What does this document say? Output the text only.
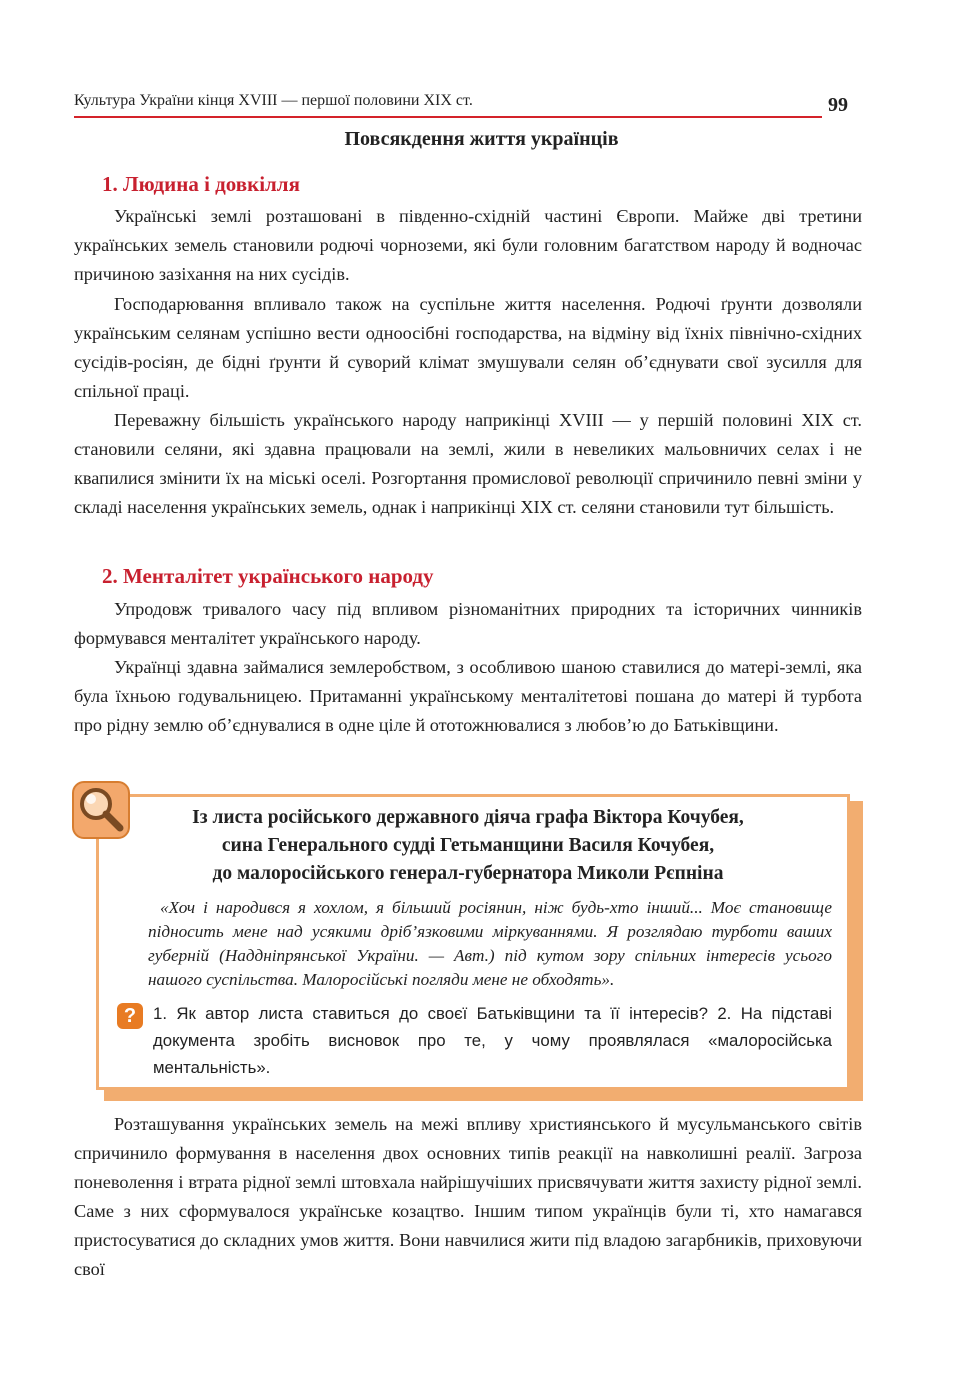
Культура України кінця XVIII — першої половини XIX ст.	99
Повсякдення життя українців
1. Людина і довкілля

Українські землі розташовані в південно-східній частині Європи. Майже дві третини українських земель становили родючі чорноземи, які були головним багатством народу й водночас причиною зазіхання на них сусідів.

Господарювання впливало також на суспільне життя населення. Родючі ґрунти дозволяли українським селянам успішно вести одноосібні господарства, на відміну від їхніх північно-східних сусідів-росіян, де бідні ґрунти й суворий клімат змушували селян об’єднувати свої зусилля для спільної праці.

Переважну більшість українського народу наприкінці XVIII — у першій половині XIX ст. становили селяни, які здавна працювали на землі, жили в невеликих мальовничих селах і не квапилися змінити їх на міські оселі. Розгортання промислової революції спричинило певні зміни у складі населення українських земель, однак і наприкінці XIX ст. селяни становили тут більшість.

2. Менталітет українського народу

Упродовж тривалого часу під впливом різноманітних природних та історичних чинників формувався менталітет українського народу.

Українці здавна займалися землеробством, з особливою шаною ставилися до матері-землі, яка була їхньою годувальницею. Притаманні українському менталітетові пошана до матері й турбота про рідну землю об’єднувалися в одне ціле й ототожнювалися з любов’ю до Батьківщини.

Із листа російського державного діяча графа Віктора Кочубея,
сина Генерального судді Гетьманщини Василя Кочубея,
до малоросійського генерал-губернатора Миколи Рєпніна

«Хоч і народився я хохлом, я більший росіянин, ніж будь-хто інший... Моє становище підносить мене над усякими дріб’язковими міркуваннями. Я розглядаю турботи ваших губерній (Наддніпрянської України. — Авт.) під кутом зору спільних інтересів усього нашого суспільства. Малоросійські погляди мене не обходять».

?	1. Як автор листа ставиться до своєї Батьківщини та її інтересів? 2. На підставі документа зробіть висновок про те, у чому проявлялася «малоросійська ментальність».

Розташування українських земель на межі впливу християнського й мусульманського світів спричинило формування в населення двох основних типів реакції на навколишні реалії. Загроза поневолення і втрата рідної землі штовхала найрішучіших присвячувати життя захисту рідної землі. Саме з них сформувалося українське козацтво. Іншим типом українців були ті, хто намагався пристосуватися до складних умов життя. Вони навчилися жити під владою загарбників, приховуючи свої
